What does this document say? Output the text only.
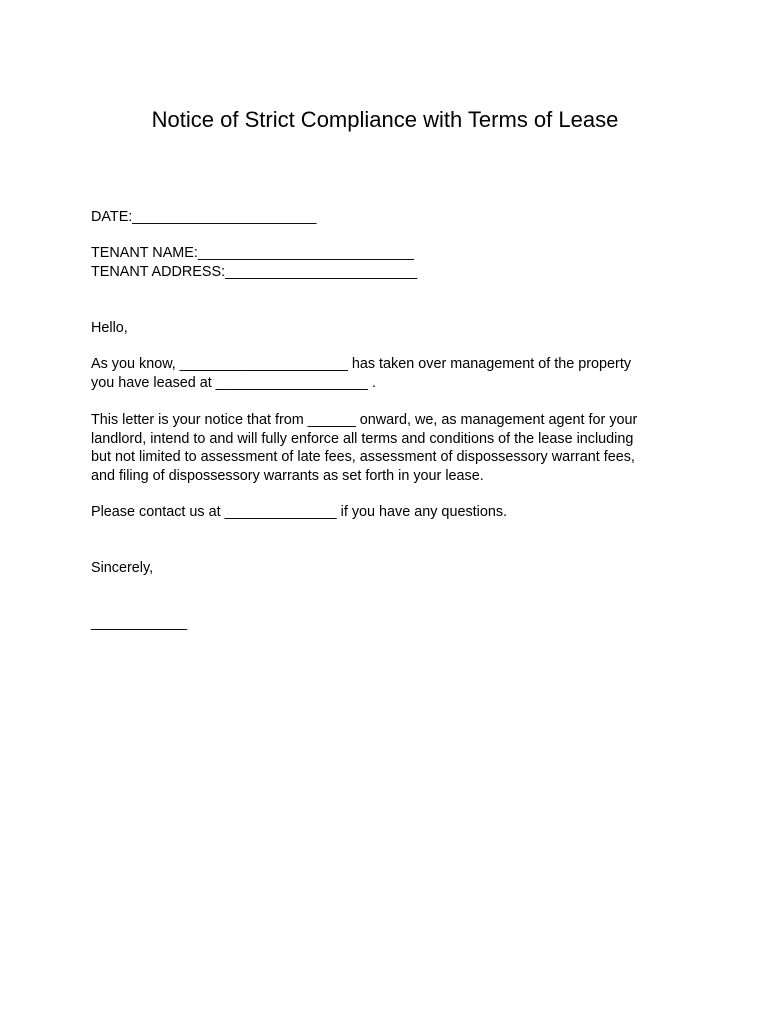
Notice of Strict Compliance with Terms of Lease
DATE:_______________________
TENANT NAME:___________________________
TENANT ADDRESS:________________________
Hello,
As you know, _____________________ has taken over management of the property
you have leased at ___________________ .
This letter is your notice that from ______ onward, we, as management agent for your
landlord, intend to and will fully enforce all terms and conditions of the lease including
but not limited to assessment of late fees, assessment of dispossessory warrant fees,
and filing of dispossessory warrants as set forth in your lease.
Please contact us at ______________ if you have any questions.
Sincerely,
____________
